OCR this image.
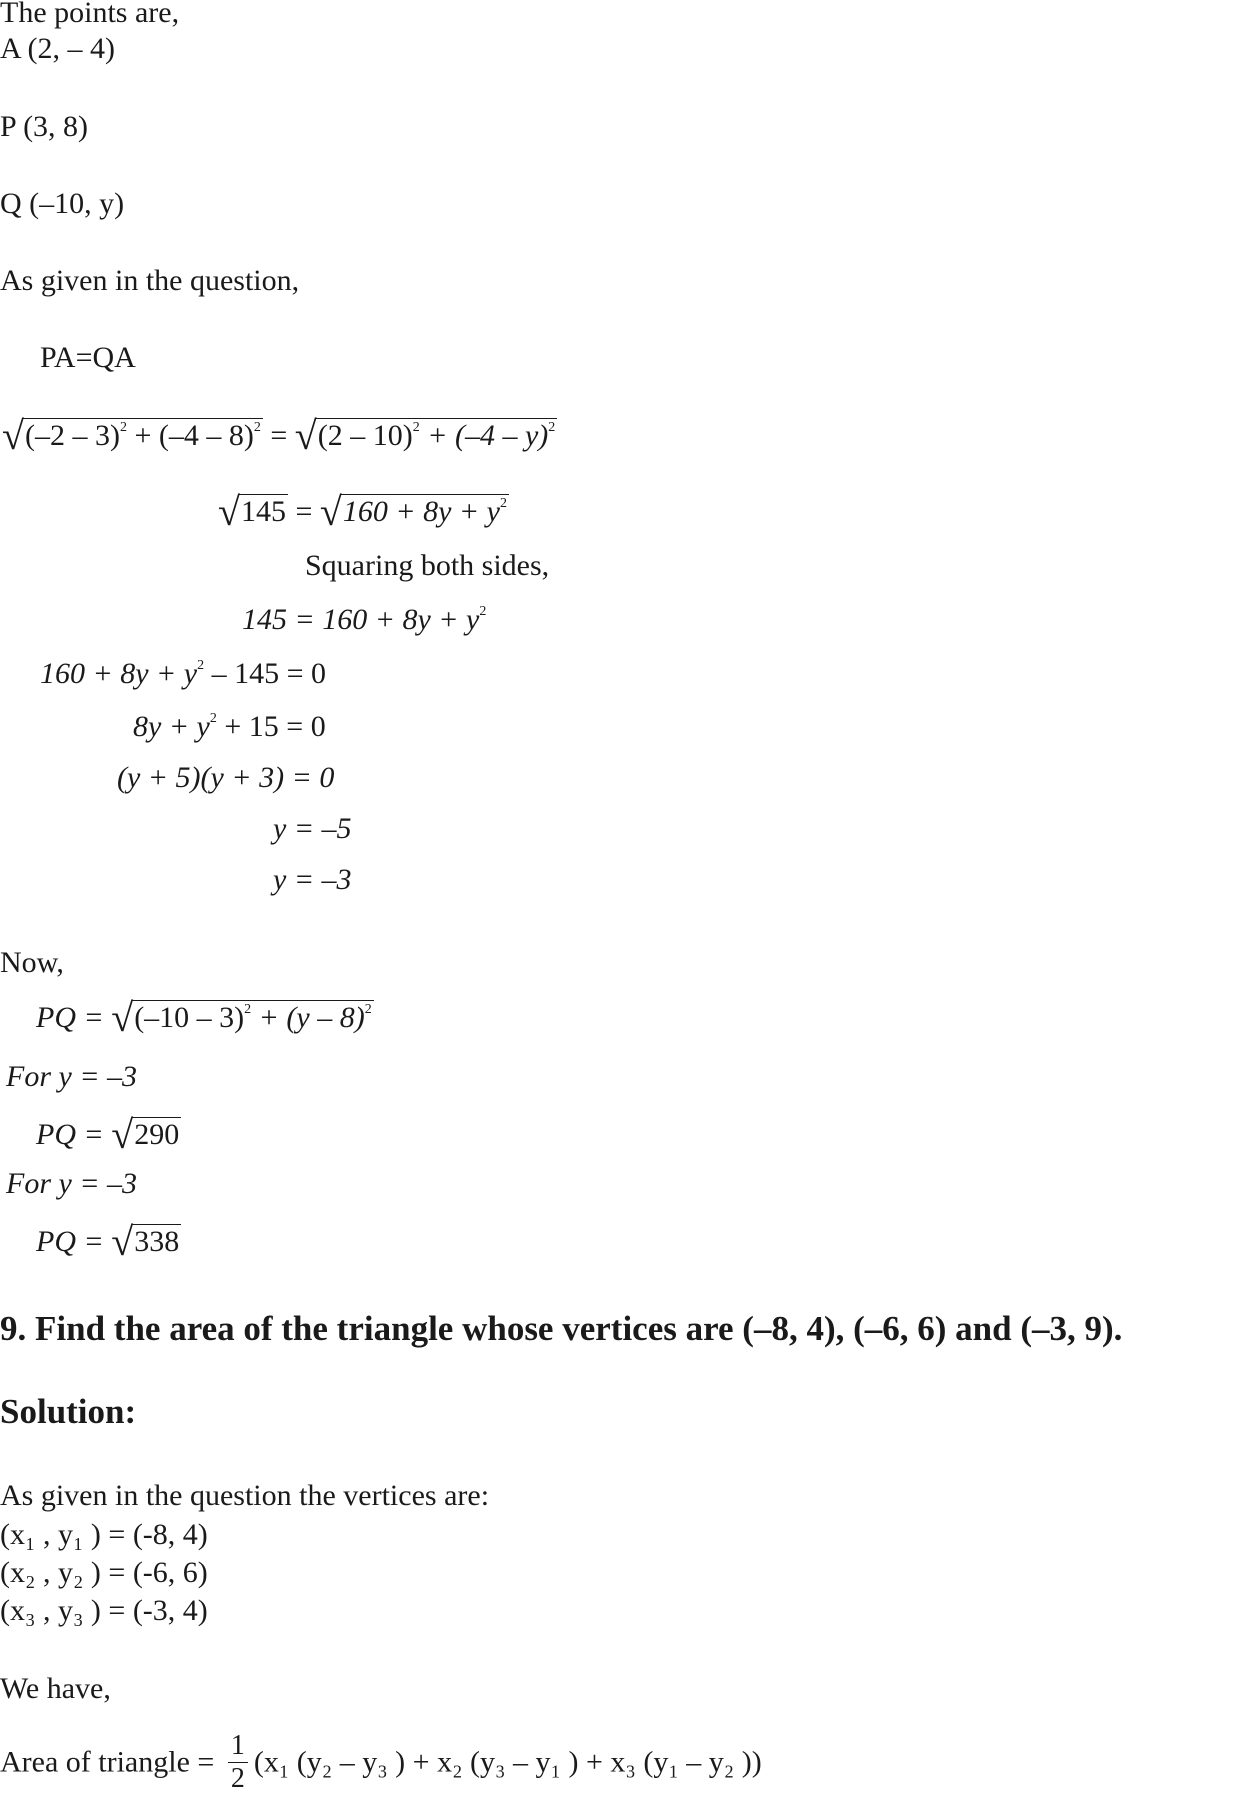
The points are,
A (2, – 4)
P (3, 8)
Q (–10, y)
As given in the question,
PA=QA
√(–2 – 3)$^2$ + (–4 – 8)$^2$ = √(2 – 10)$^2$ + (–4 – y)$^2$
$√145 = √160 + 8y + y^2$
Squaring both sides,
$145 = 160 + 8y + y^2$
$160 + 8y + y^2 - 145 = 0$
$8y + y^2 + 15 = 0$
(y + 5)(y + 3) = 0
y = –5
y = –3
Now,
PQ = √(–10 – 3)$^2$ + (y – 8)$^2$
For y = –3
PQ = √290
For y = –3
PQ = √338
9. Find the area of the triangle whose vertices are (–8, 4), (–6, 6) and (–3, 9).
Solution:
As given in the question the vertices are:
(x₁ , y₁ ) = (-8, 4)
(x₂ , y₂ ) = (-6, 6)
(x₃ , y₃ ) = (-3, 4)
We have,
Area of triangle = $\frac{1}{2} (x_1$ (y₂ – y₃ ) + x₂ (y₃ – y₁ ) + x₃ (y₁ – y₂ ))
